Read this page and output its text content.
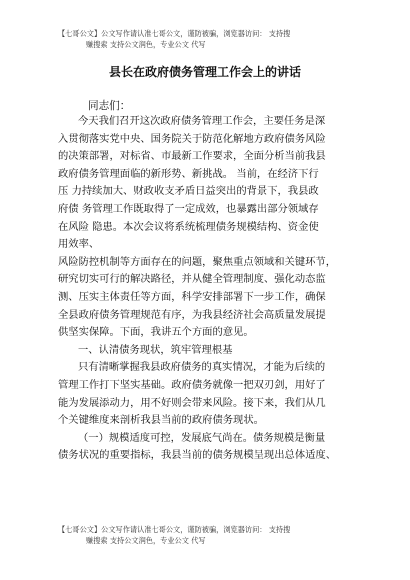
【七哥公文】公文写作请认准七哥公文，谨防被骗，浏览器访问： 支持搜
赚搜索 支持公文润色，专业公文 代写
县长在政府债务管理工作会上的讲话
同志们：

今天我们召开这次政府债务管理工作会，主要任务是深

入贯彻落实党中央、国务院关于防范化解地方政府债务风险

的决策部署，对标省、市最新工作要求，全面分析当前我县

政府债务管理面临的新形势、新挑战。 当前，在经济下行

压 力持续加大、财政收支矛盾日益突出的背景下，我县政

府债 务管理工作既取得了一定成效，也暴露出部分领域存

在风险 隐患。本次会议将系统梳理债务规模结构、资金使

用效率、

风险防控机制等方面存在的问题，聚焦重点领域和关键环节，

研究切实可行的解决路径，并从健全管理制度、强化动态监

测、压实主体责任等方面，科学安排部署下一步工作，确保

全县政府债务管理规范有序，为我县经济社会高质量发展提

供坚实保障。下面，我讲五个方面的意见。

一、认清债务现状，筑牢管理根基

只有清晰掌握我县政府债务的真实情况，才能为后续的

管理工作打下坚实基础。政府债务就像一把双刃剑，用好了

能为发展添动力，用不好则会带来风险。接下来，我们从几

个关键维度来剖析我县当前的政府债务现状。

（一）规模适度可控，发展底气尚在。债务规模是衡量

债务状况的重要指标，我县当前的债务规模呈现出总体适度、

【七哥公文】公文写作请认准七哥公文，谨防被骗，浏览器访问： 支持搜
赚搜索 支持公文润色，专业公文 代写
